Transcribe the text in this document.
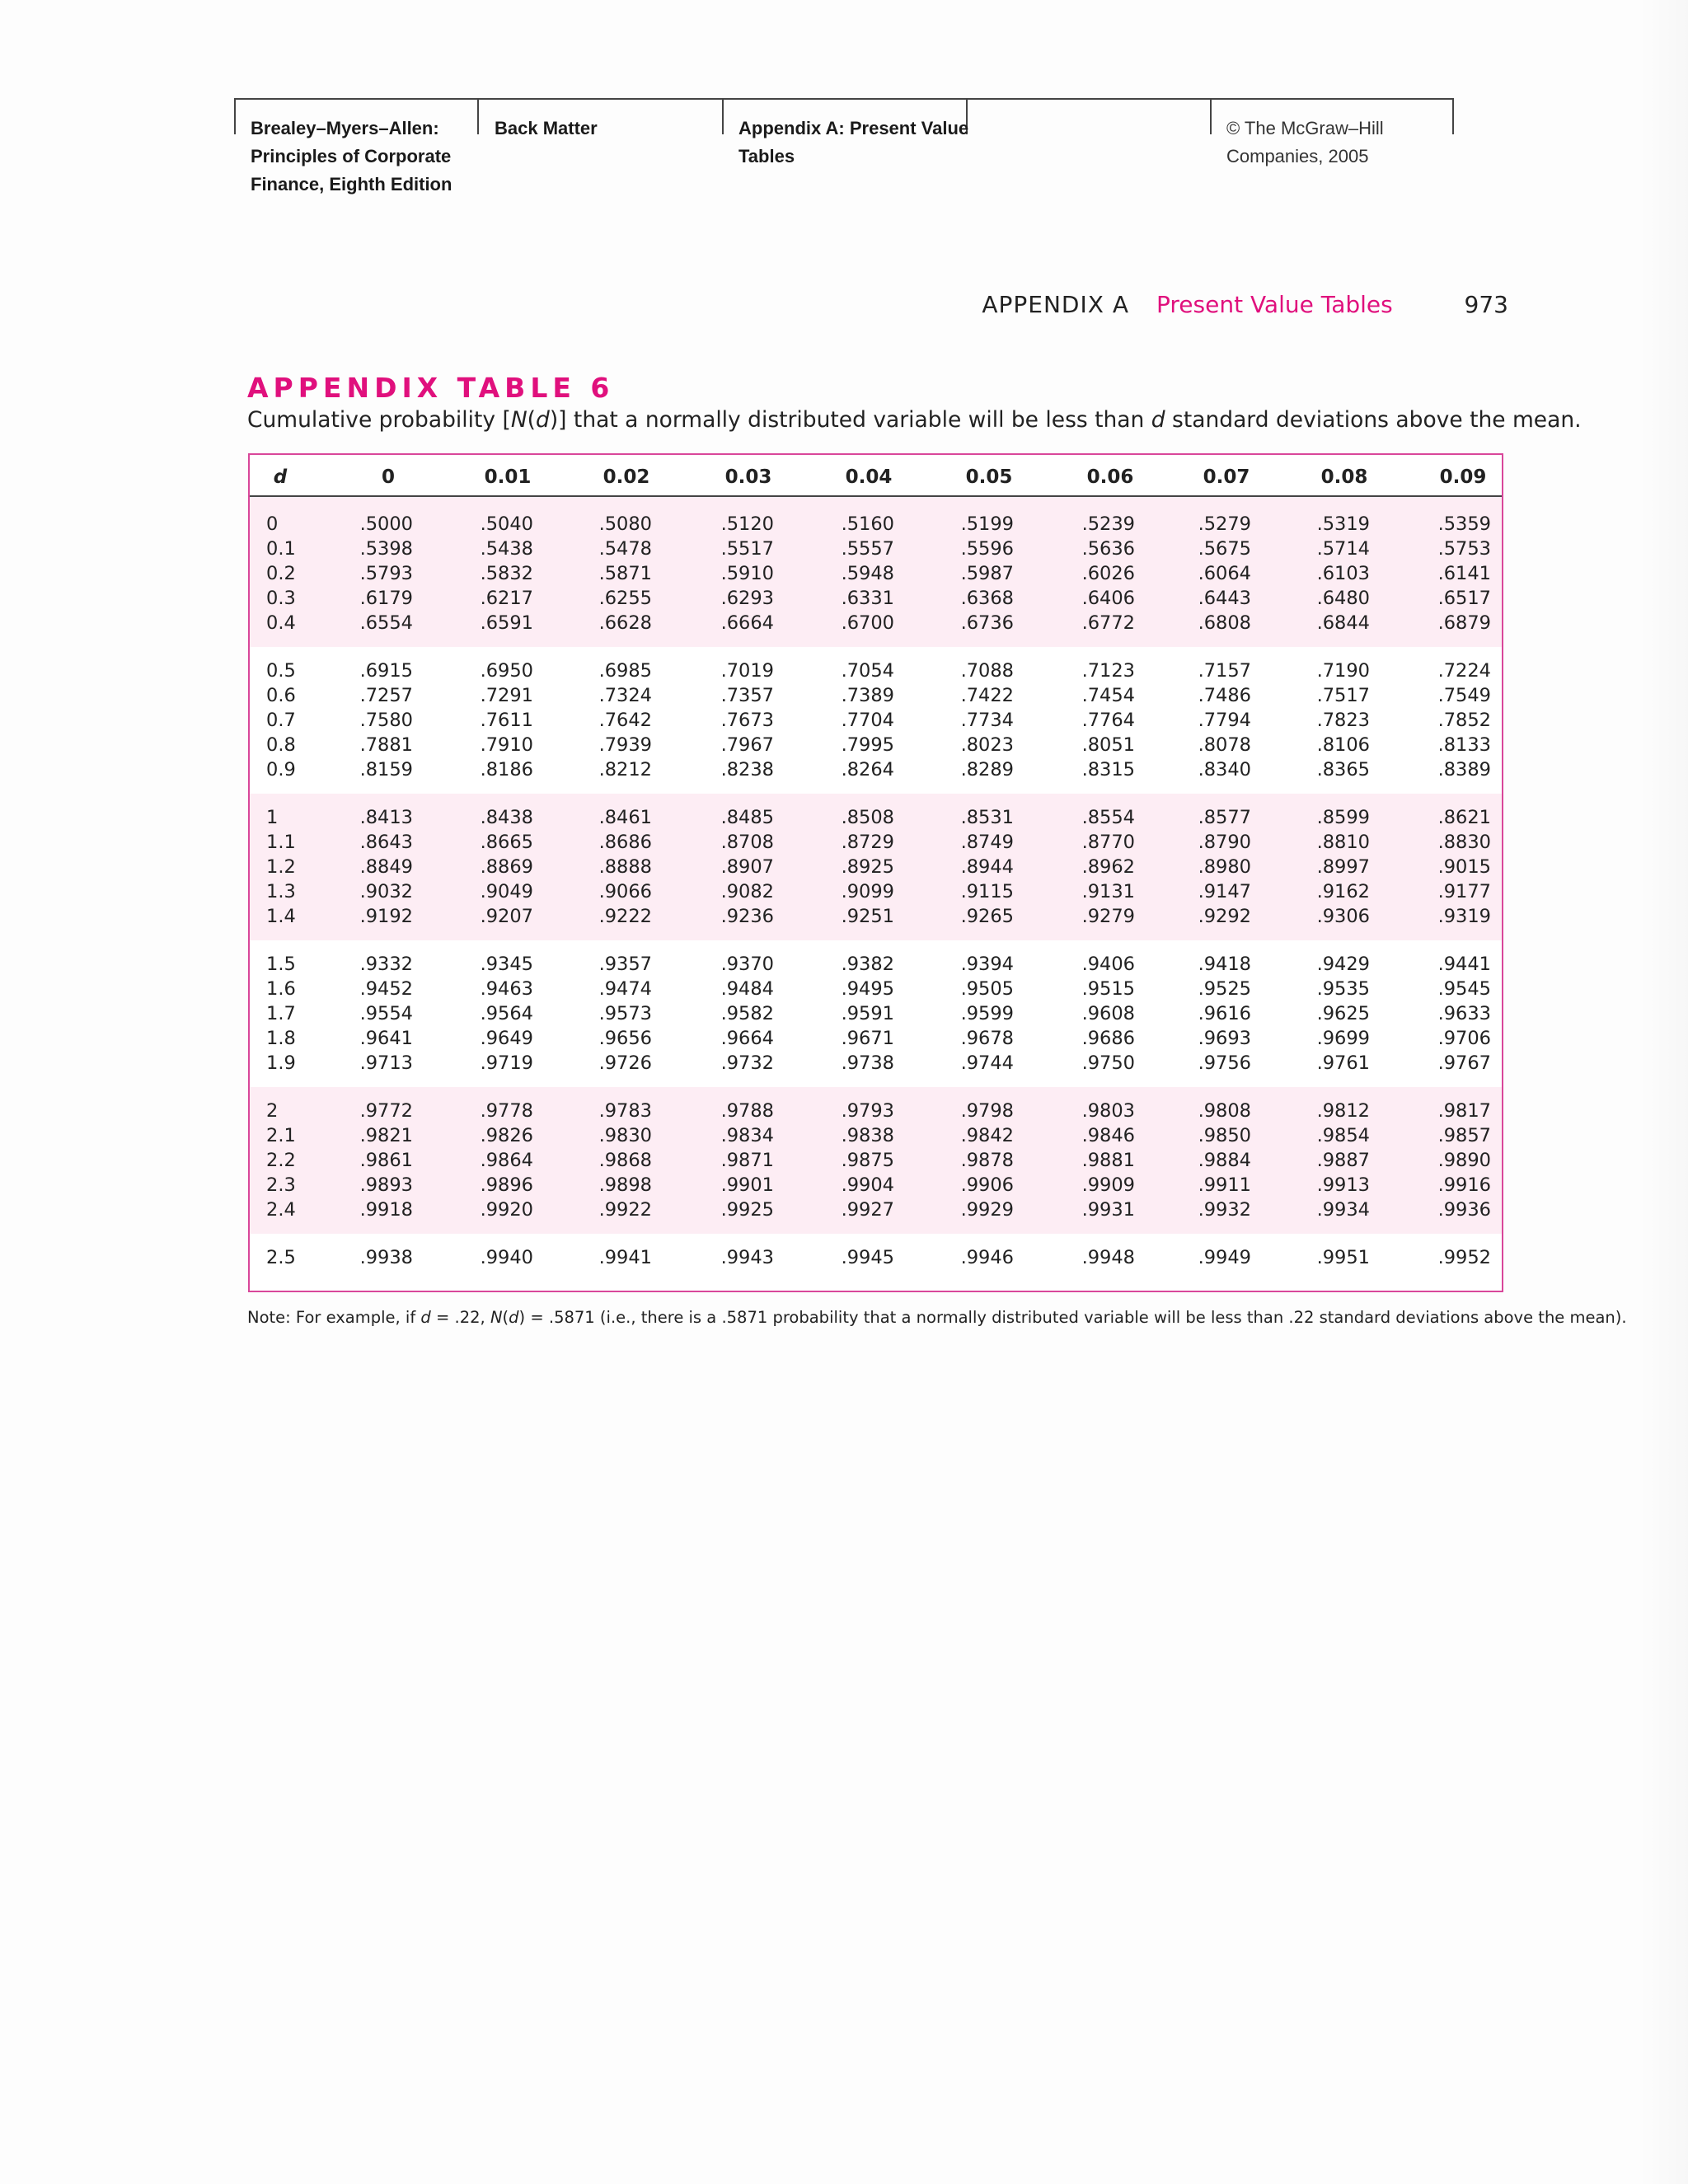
Brealey–Myers–Allen:
Principles of Corporate
Finance, Eighth Edition
Back Matter	Appendix A: Present Value
Tables
© The McGraw–Hill
Companies, 2005
APPENDIX A Present Value Tables	973
APPENDIX TABLE 6
Cumulative probability [N(d)] that a normally distributed variable will be less than d standard deviations above the mean.
d	0	0.01	0.02	0.03	0.04	0.05	0.06	0.07	0.08	0.09
0	.5000	.5040	.5080	.5120	.5160	.5199	.5239	.5279	.5319	.5359
0.1	.5398	.5438	.5478	.5517	.5557	.5596	.5636	.5675	.5714	.5753
0.2	.5793	.5832	.5871	.5910	.5948	.5987	.6026	.6064	.6103	.6141
0.3	.6179	.6217	.6255	.6293	.6331	.6368	.6406	.6443	.6480	.6517
0.4	.6554	.6591	.6628	.6664	.6700	.6736	.6772	.6808	.6844	.6879
0.5	.6915	.6950	.6985	.7019	.7054	.7088	.7123	.7157	.7190	.7224
0.6	.7257	.7291	.7324	.7357	.7389	.7422	.7454	.7486	.7517	.7549
0.7	.7580	.7611	.7642	.7673	.7704	.7734	.7764	.7794	.7823	.7852
0.8	.7881	.7910	.7939	.7967	.7995	.8023	.8051	.8078	.8106	.8133
0.9	.8159	.8186	.8212	.8238	.8264	.8289	.8315	.8340	.8365	.8389
1	.8413	.8438	.8461	.8485	.8508	.8531	.8554	.8577	.8599	.8621
1.1	.8643	.8665	.8686	.8708	.8729	.8749	.8770	.8790	.8810	.8830
1.2	.8849	.8869	.8888	.8907	.8925	.8944	.8962	.8980	.8997	.9015
1.3	.9032	.9049	.9066	.9082	.9099	.9115	.9131	.9147	.9162	.9177
1.4	.9192	.9207	.9222	.9236	.9251	.9265	.9279	.9292	.9306	.9319
1.5	.9332	.9345	.9357	.9370	.9382	.9394	.9406	.9418	.9429	.9441
1.6	.9452	.9463	.9474	.9484	.9495	.9505	.9515	.9525	.9535	.9545
1.7	.9554	.9564	.9573	.9582	.9591	.9599	.9608	.9616	.9625	.9633
1.8	.9641	.9649	.9656	.9664	.9671	.9678	.9686	.9693	.9699	.9706
1.9	.9713	.9719	.9726	.9732	.9738	.9744	.9750	.9756	.9761	.9767
2	.9772	.9778	.9783	.9788	.9793	.9798	.9803	.9808	.9812	.9817
2.1	.9821	.9826	.9830	.9834	.9838	.9842	.9846	.9850	.9854	.9857
2.2	.9861	.9864	.9868	.9871	.9875	.9878	.9881	.9884	.9887	.9890
2.3	.9893	.9896	.9898	.9901	.9904	.9906	.9909	.9911	.9913	.9916
2.4	.9918	.9920	.9922	.9925	.9927	.9929	.9931	.9932	.9934	.9936
2.5	.9938	.9940	.9941	.9943	.9945	.9946	.9948	.9949	.9951	.9952
Note: For example, if d = .22, N(d) = .5871 (i.e., there is a .5871 probability that a normally distributed variable will be less than .22 standard deviations above the mean).
